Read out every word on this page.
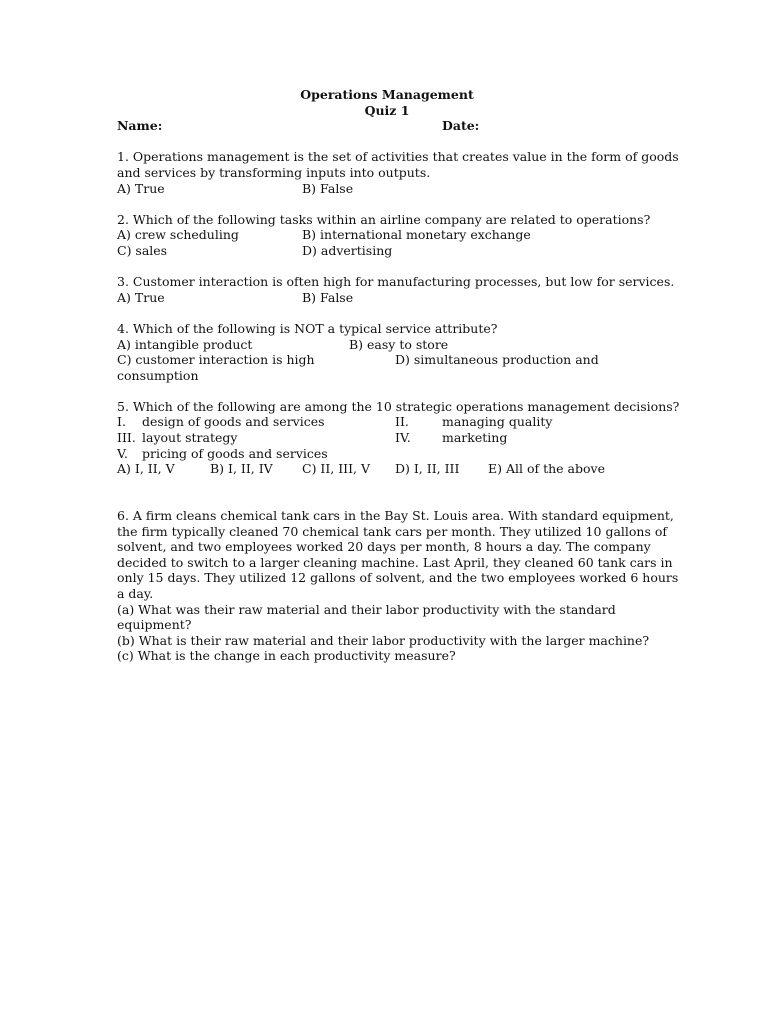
Operations Management
Quiz 1
Name:	Date:
1. Operations management is the set of activities that creates value in the form of goods
and services by transforming inputs into outputs.
A) True	B) False
2. Which of the following tasks within an airline company are related to operations?
A) crew scheduling	B) international monetary exchange
C) sales	D) advertising
3. Customer interaction is often high for manufacturing processes, but low for services.
A) True	B) False
4. Which of the following is NOT a typical service attribute?
A) intangible product	B) easy to store
C) customer interaction is high	D) simultaneous production and
consumption
5. Which of the following are among the 10 strategic operations management decisions?
I. design of goods and services	II.	managing quality
III. layout strategy	IV. marketing
V. pricing of goods and services
A) I, II, V	B) I, II, IV C) II, III, V D) I, II, III E) All of the above
6. A firm cleans chemical tank cars in the Bay St. Louis area. With standard equipment,
the firm typically cleaned 70 chemical tank cars per month. They utilized 10 gallons of
solvent, and two employees worked 20 days per month, 8 hours a day. The company
decided to switch to a larger cleaning machine. Last April, they cleaned 60 tank cars in
only 15 days. They utilized 12 gallons of solvent, and the two employees worked 6 hours
a day.
(a) What was their raw material and their labor productivity with the standard
equipment?
(b) What is their raw material and their labor productivity with the larger machine?
(c) What is the change in each productivity measure?
